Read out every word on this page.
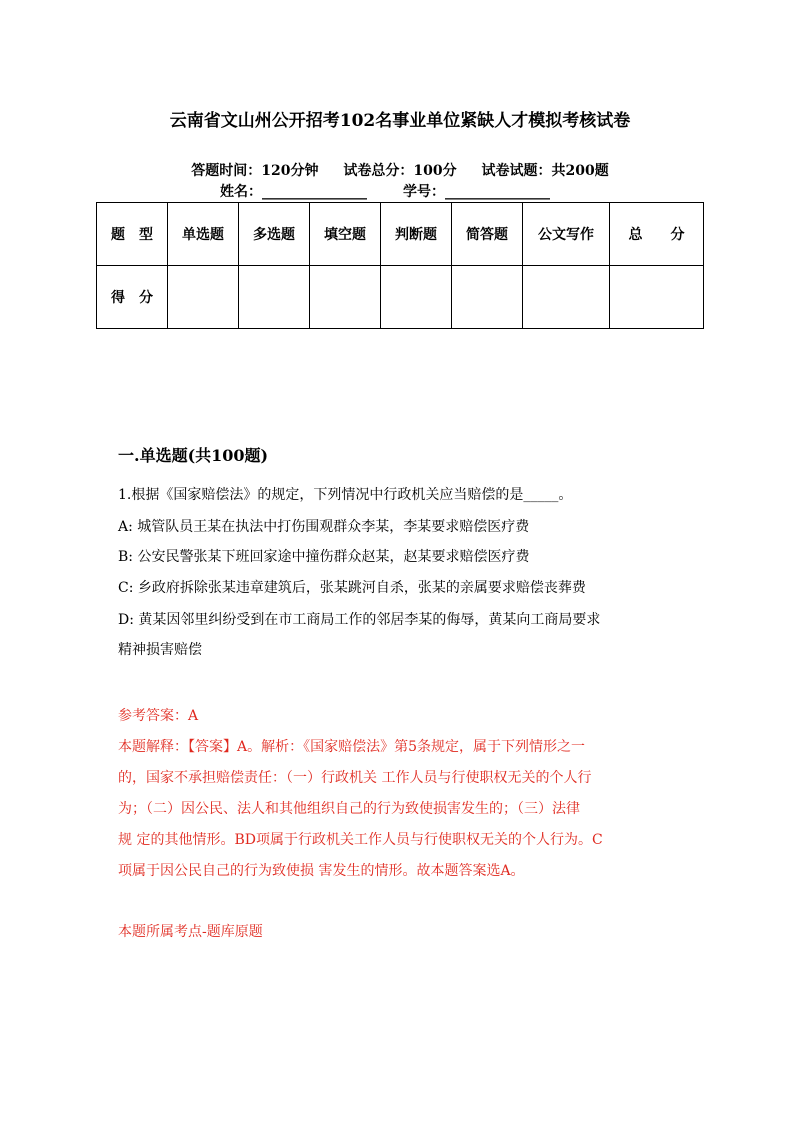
云南省文山州公开招考102名事业单位紧缺人才模拟考核试卷
答题时间：120分钟 试卷总分：100分 试卷试题：共200题
姓名：_______________	学号：_______________
题　型	单选题	多选题	填空题	判断题	简答题	公文写作	总　　分
得　分							
一.单选题(共100题)
1.根据《国家赔偿法》的规定，下列情况中行政机关应当赔偿的是_____。
A: 城管队员王某在执法中打伤围观群众李某，李某要求赔偿医疗费
B: 公安民警张某下班回家途中撞伤群众赵某，赵某要求赔偿医疗费
C: 乡政府拆除张某违章建筑后，张某跳河自杀，张某的亲属要求赔偿丧葬费
D: 黄某因邻里纠纷受到在市工商局工作的邻居李某的侮辱，黄某向工商局要求
精神损害赔偿
参考答案：A
本题解释：【答案】A。解析：《国家赔偿法》第5条规定，属于下列情形之一
的，国家不承担赔偿责任：（一）行政机关 工作人员与行使职权无关的个人行
为；（二）因公民、法人和其他组织自己的行为致使损害发生的；（三）法律
规 定的其他情形。BD项属于行政机关工作人员与行使职权无关的个人行为。C
项属于因公民自己的行为致使损 害发生的情形。故本题答案选A。
本题所属考点-题库原题
